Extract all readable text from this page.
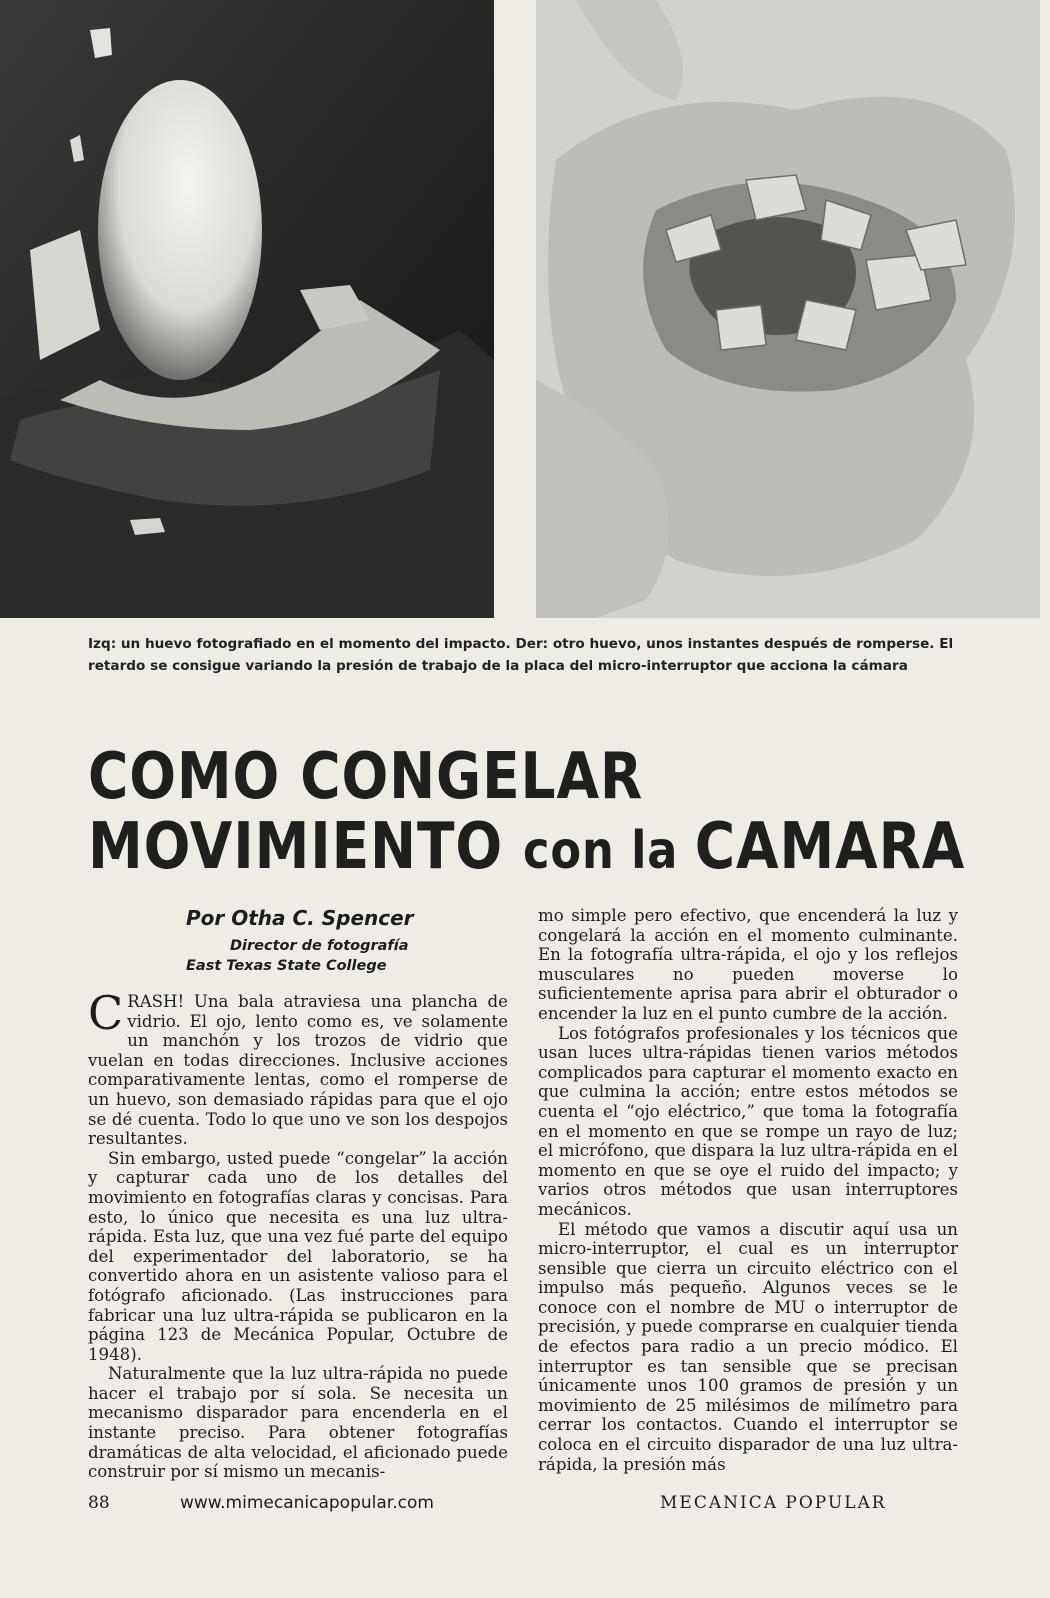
Izq: un huevo fotografiado en el momento del impacto. Der: otro huevo, unos instantes después de romperse. El
retardo se consigue variando la presión de trabajo de la placa del micro-interruptor que acciona la cámara
COMO CONGELAR
MOVIMIENTO con la CAMARA
Por Otha C. Spencer
Director de fotografía
East Texas State College

CRASH! Una bala atraviesa una plancha de vidrio. El ojo, lento como es, ve solamente un manchón y los trozos de vidrio que vuelan en todas direcciones. Inclusive acciones comparativamente lentas, como el romperse de un huevo, son demasiado rápidas para que el ojo se dé cuenta. Todo lo que uno ve son los despojos resultantes.

Sin embargo, usted puede “congelar” la acción y capturar cada uno de los detalles del movimiento en fotografías claras y concisas. Para esto, lo único que necesita es una luz ultra-rápida. Esta luz, que una vez fué parte del equipo del experimentador del laboratorio, se ha convertido ahora en un asistente valioso para el fotógrafo aficionado. (Las instrucciones para fabricar una luz ultra-rápida se publicaron en la página 123 de Mecánica Popular, Octubre de 1948).

Naturalmente que la luz ultra-rápida no puede hacer el trabajo por sí sola. Se necesita un mecanismo disparador para encenderla en el instante preciso. Para obtener fotografías dramáticas de alta velocidad, el aficionado puede construir por sí mismo un mecanis-

mo simple pero efectivo, que encenderá la luz y congelará la acción en el momento culminante. En la fotografía ultra-rápida, el ojo y los reflejos musculares no pueden moverse lo suficientemente aprisa para abrir el obturador o encender la luz en el punto cumbre de la acción.

Los fotógrafos profesionales y los técnicos que usan luces ultra-rápidas tienen varios métodos complicados para capturar el momento exacto en que culmina la acción; entre estos métodos se cuenta el “ojo eléctrico,” que toma la fotografía en el momento en que se rompe un rayo de luz; el micrófono, que dispara la luz ultra-rápida en el momento en que se oye el ruido del impacto; y varios otros métodos que usan interruptores mecánicos.

El método que vamos a discutir aquí usa un micro-interruptor, el cual es un interruptor sensible que cierra un circuito eléctrico con el impulso más pequeño. Algunos veces se le conoce con el nombre de MU o interruptor de precisión, y puede comprarse en cualquier tienda de efectos para radio a un precio módico. El interruptor es tan sensible que se precisan únicamente unos 100 gramos de presión y un movimiento de 25 milésimos de milímetro para cerrar los contactos. Cuando el interruptor se coloca en el circuito disparador de una luz ultra-rápida, la presión más

88	www.mimecanicapopular.com	MECANICA POPULAR
